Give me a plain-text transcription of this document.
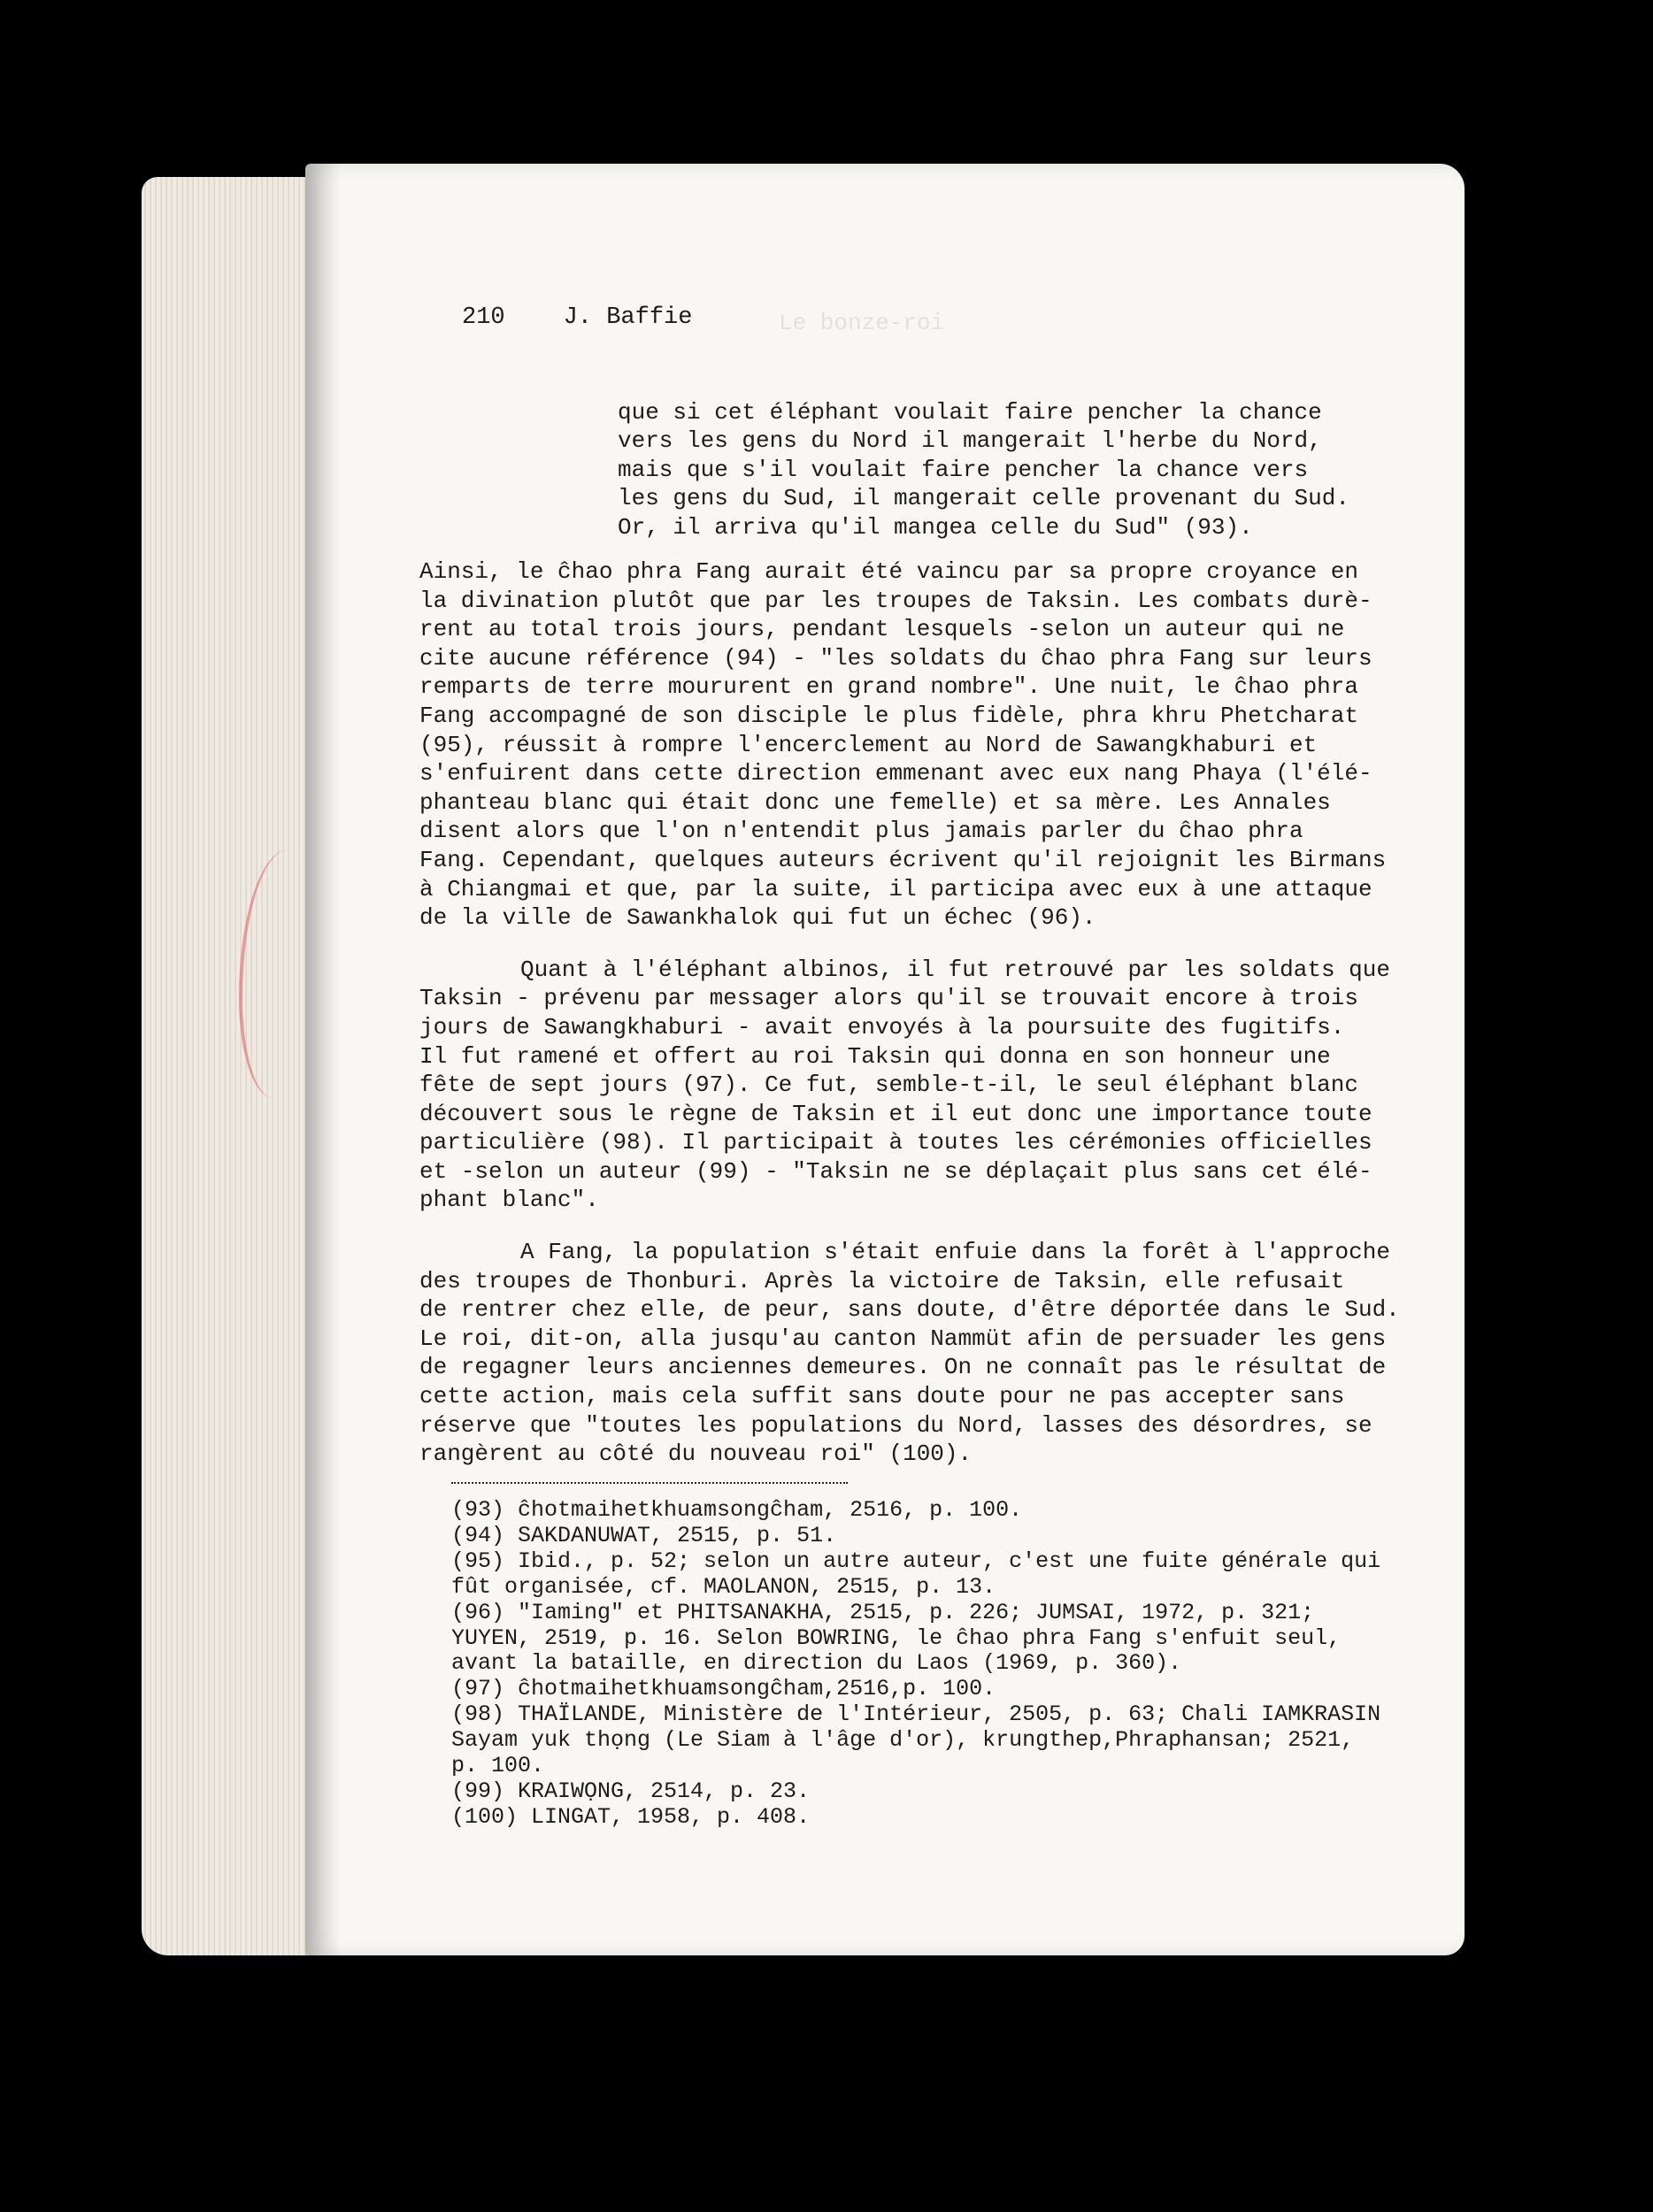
Le bonze-roi
210 J. Baffie
que si cet éléphant voulait faire pencher la chance
vers les gens du Nord il mangerait l'herbe du Nord,
mais que s'il voulait faire pencher la chance vers
les gens du Sud, il mangerait celle provenant du Sud.
Or, il arriva qu'il mangea celle du Sud" (93).
Ainsi, le ĉhao phra Fang aurait été vaincu par sa propre croyance en
la divination plutôt que par les troupes de Taksin. Les combats durè-
rent au total trois jours, pendant lesquels -selon un auteur qui ne
cite aucune référence (94) - "les soldats du ĉhao phra Fang sur leurs
remparts de terre moururent en grand nombre". Une nuit, le ĉhao phra
Fang accompagné de son disciple le plus fidèle, phra khru Phetcharat
(95), réussit à rompre l'encerclement au Nord de Sawangkhaburi et
s'enfuirent dans cette direction emmenant avec eux nang Phaya (l'élé-
phanteau blanc qui était donc une femelle) et sa mère. Les Annales
disent alors que l'on n'entendit plus jamais parler du ĉhao phra
Fang. Cependant, quelques auteurs écrivent qu'il rejoignit les Birmans
à Chiangmai et que, par la suite, il participa avec eux à une attaque
de la ville de Sawankhalok qui fut un échec (96).
Quant à l'éléphant albinos, il fut retrouvé par les soldats que
Taksin - prévenu par messager alors qu'il se trouvait encore à trois
jours de Sawangkhaburi - avait envoyés à la poursuite des fugitifs.
Il fut ramené et offert au roi Taksin qui donna en son honneur une
fête de sept jours (97). Ce fut, semble-t-il, le seul éléphant blanc
découvert sous le règne de Taksin et il eut donc une importance toute
particulière (98). Il participait à toutes les cérémonies officielles
et -selon un auteur (99) - "Taksin ne se déplaçait plus sans cet élé-
phant blanc".
A Fang, la population s'était enfuie dans la forêt à l'approche
des troupes de Thonburi. Après la victoire de Taksin, elle refusait
de rentrer chez elle, de peur, sans doute, d'être déportée dans le Sud.
Le roi, dit-on, alla jusqu'au canton Nammüt afin de persuader les gens
de regagner leurs anciennes demeures. On ne connaît pas le résultat de
cette action, mais cela suffit sans doute pour ne pas accepter sans
réserve que "toutes les populations du Nord, lasses des désordres, se
rangèrent au côté du nouveau roi" (100).
(93) ĉhotmaihetkhuamsongĉham, 2516, p. 100.
(94) SAKDANUWAT, 2515, p. 51.
(95) Ibid., p. 52; selon un autre auteur, c'est une fuite générale qui
fût organisée, cf. MAOLANON, 2515, p. 13.
(96) "Iaming" et PHITSANAKHA, 2515, p. 226; JUMSAI, 1972, p. 321;
YUYEN, 2519, p. 16. Selon BOWRING, le ĉhao phra Fang s'enfuit seul,
avant la bataille, en direction du Laos (1969, p. 360).
(97) ĉhotmaihetkhuamsongĉham,2516,p. 100.
(98) THAÏLANDE, Ministère de l'Intérieur, 2505, p. 63; Chali IAMKRASIN
Sayam yuk thọng (Le Siam à l'âge d'or), krungthep,Phraphansan; 2521,
p. 100.
(99) KRAIWỌNG, 2514, p. 23.
(100) LINGAT, 1958, p. 408.
